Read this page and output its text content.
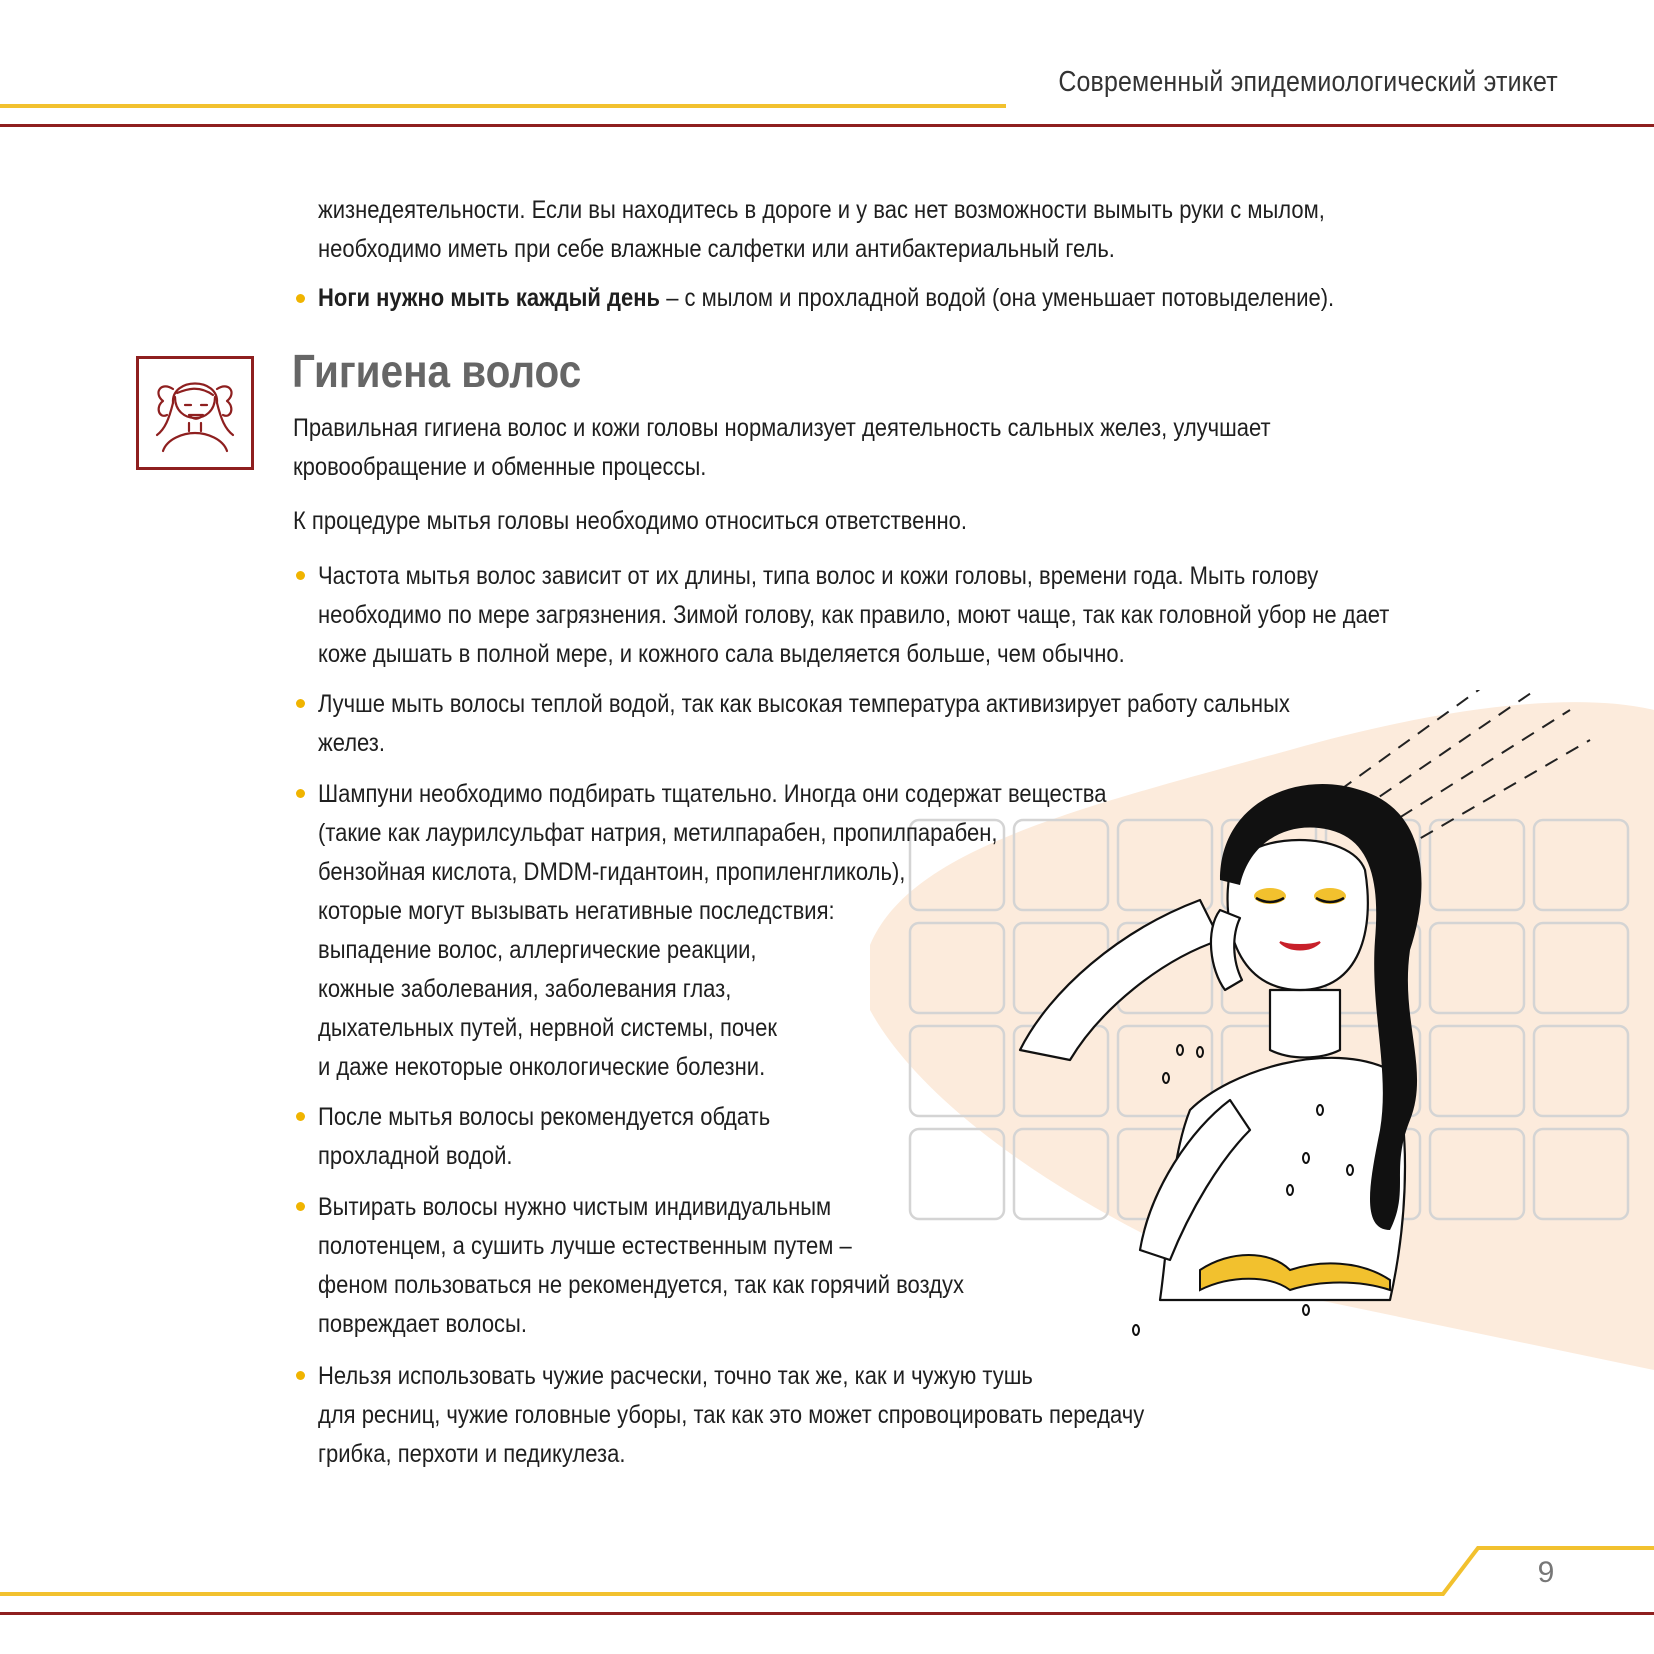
Современный эпидемиологический этикет

жизнедеятельности. Если вы находитесь в дороге и у вас нет возможности вымыть руки с мылом,

необходимо иметь при себе влажные салфетки или антибактериальный гель.

Ноги нужно мыть каждый день – с мылом и прохладной водой (она уменьшает потовыделение).

Гигиена волос

Правильная гигиена волос и кожи головы нормализует деятельность сальных желез, улучшает

кровообращение и обменные процессы.

К процедуре мытья головы необходимо относиться ответственно.

Частота мытья волос зависит от их длины, типа волос и кожи головы, времени года. Мыть голову

необходимо по мере загрязнения. Зимой голову, как правило, моют чаще, так как головной убор не дает

коже дышать в полной мере, и кожного сала выделяется больше, чем обычно.

Лучше мыть волосы теплой водой, так как высокая температура активизирует работу сальных

желез.

Шампуни необходимо подбирать тщательно. Иногда они содержат вещества

(такие как лаурилсульфат натрия, метилпарабен, пропилпарабен,

бензойная кислота, DMDM-гидантоин, пропиленгликоль),

которые могут вызывать негативные последствия:

выпадение волос, аллергические реакции,

кожные заболевания, заболевания глаз,

дыхательных путей, нервной системы, почек

и даже некоторые онкологические болезни.

После мытья волосы рекомендуется обдать

прохладной водой.

Вытирать волосы нужно чистым индивидуальным

полотенцем, а сушить лучше естественным путем –

феном пользоваться не рекомендуется, так как горячий воздух

повреждает волосы.

Нельзя использовать чужие расчески, точно так же, как и чужую тушь

для ресниц, чужие головные уборы, так как это может спровоцировать передачу

грибка, перхоти и педикулеза.

9
